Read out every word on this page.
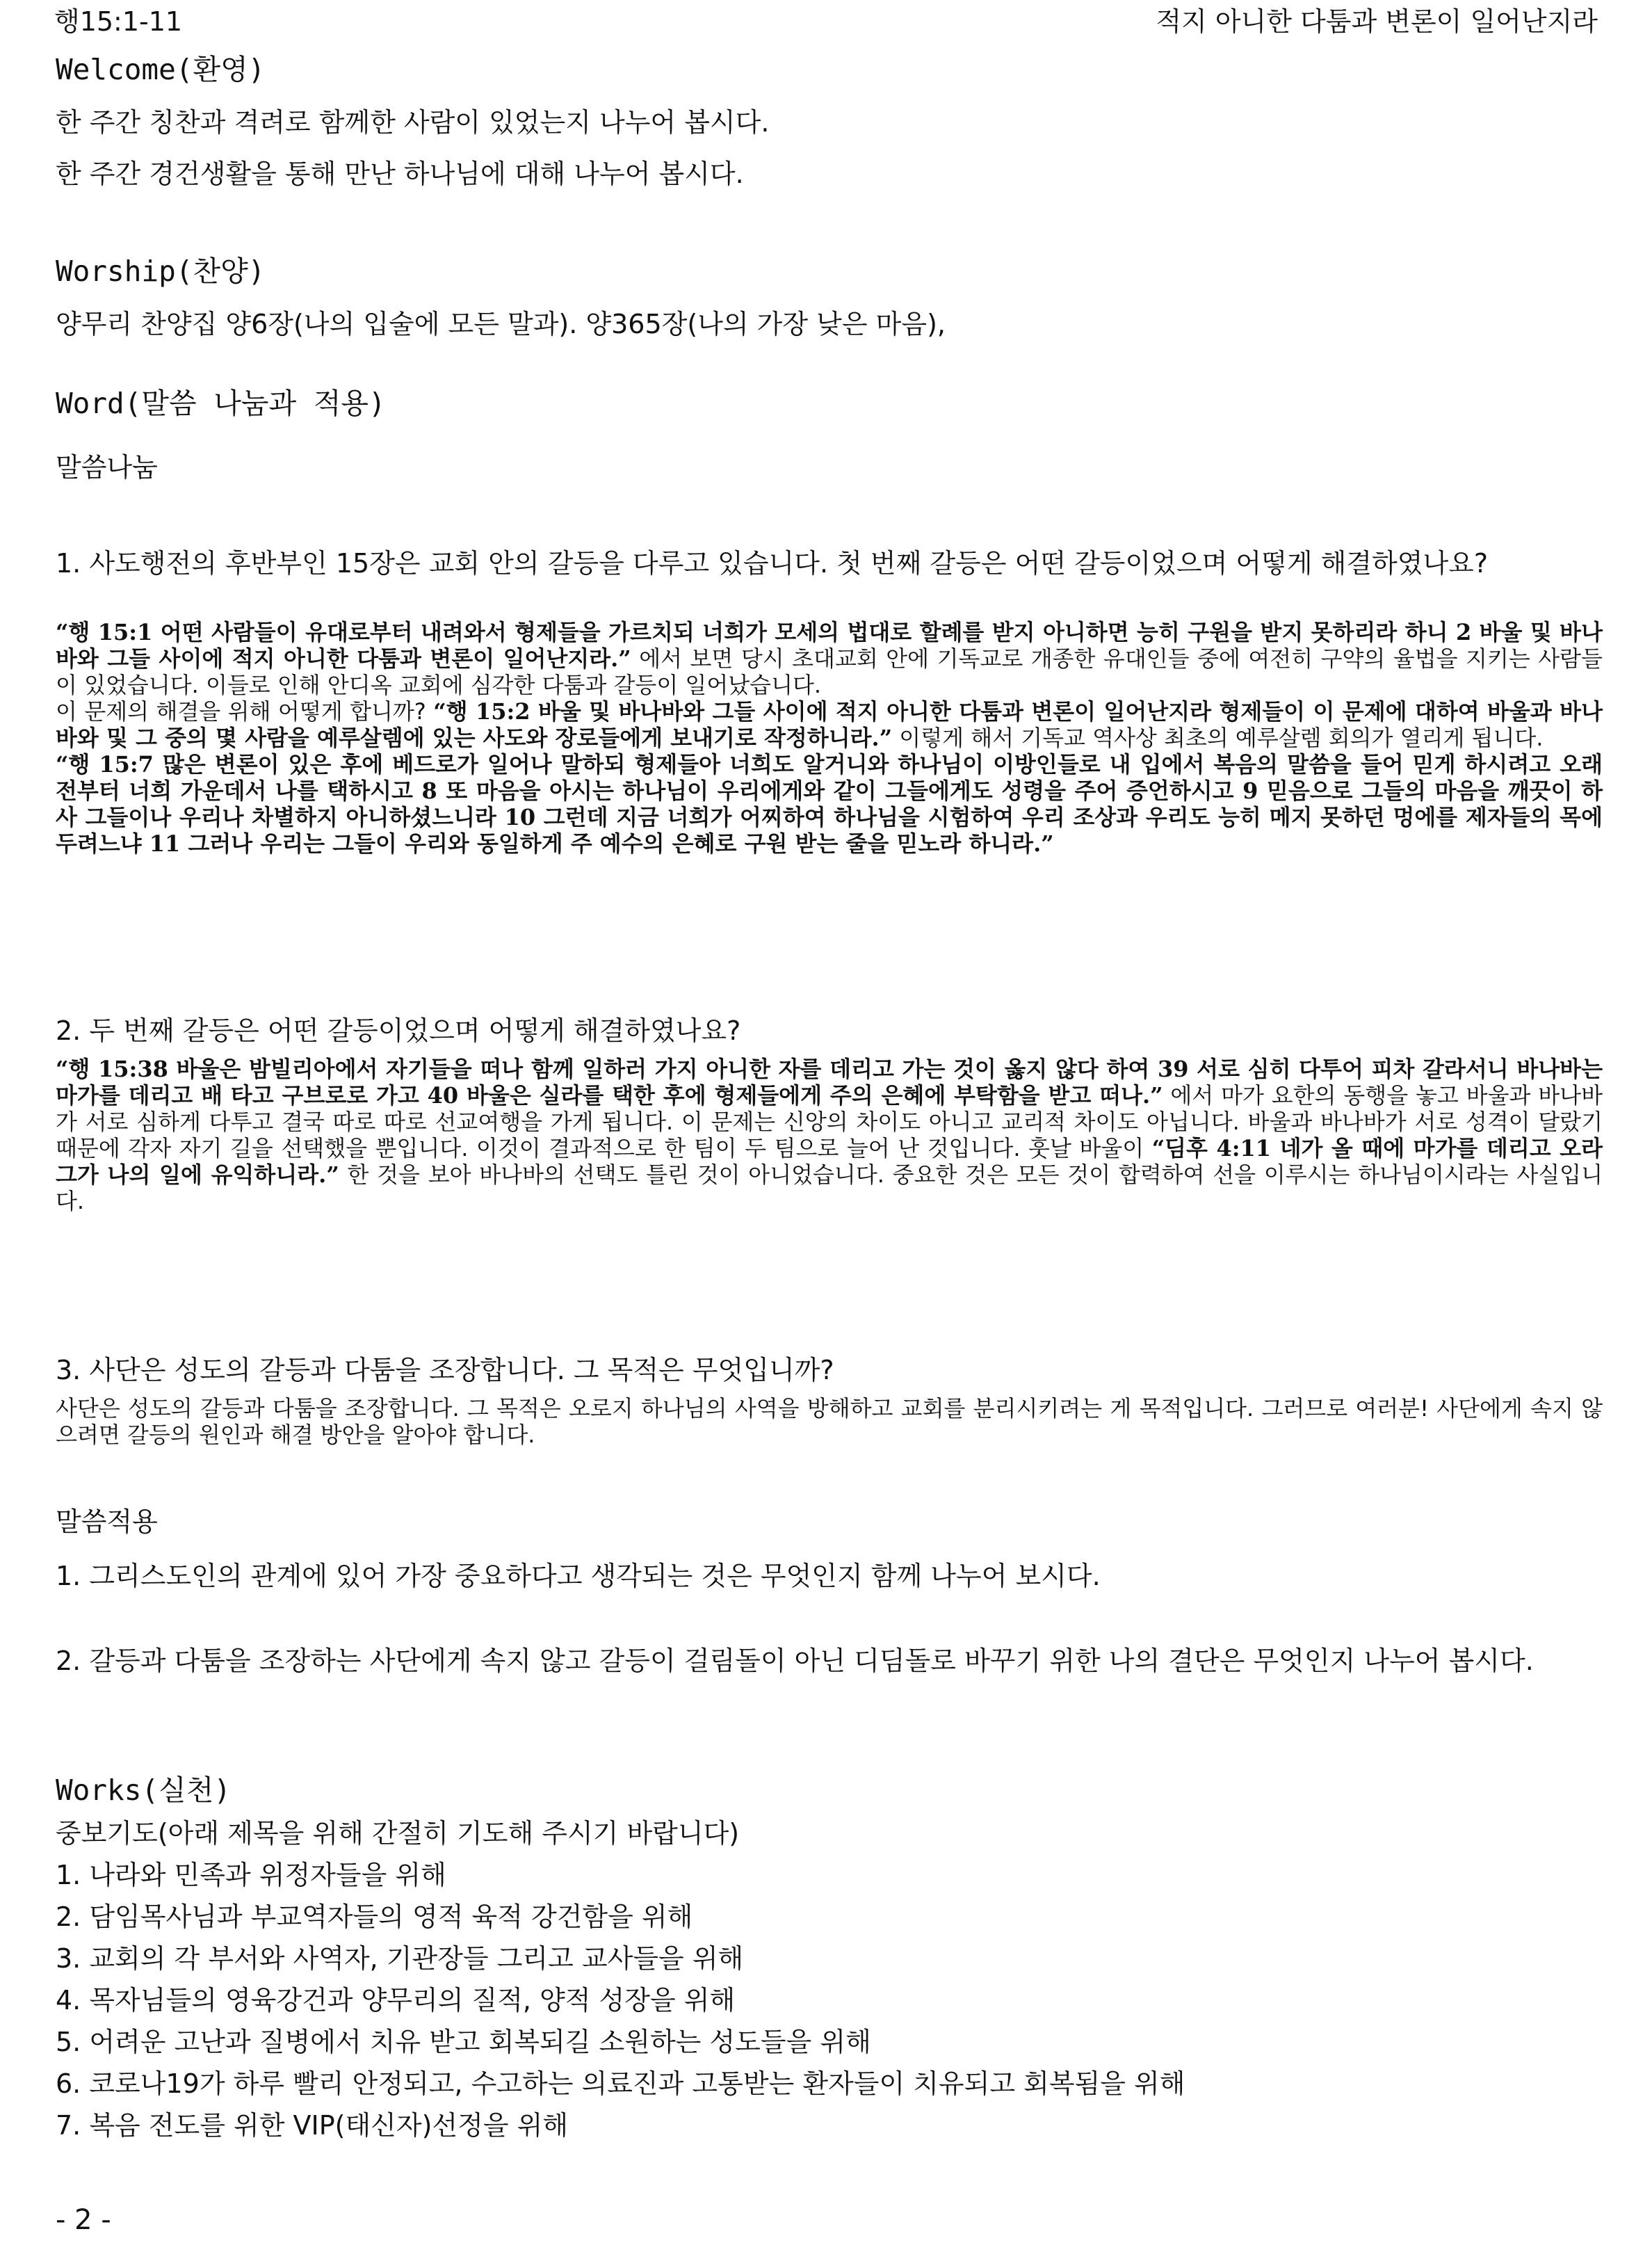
행15:1-11	적지 아니한 다툼과 변론이 일어난지라
Welcome(환영)
한 주간 칭찬과 격려로 함께한 사람이 있었는지 나누어 봅시다.
한 주간 경건생활을 통해 만난 하나님에 대해 나누어 봅시다.
Worship(찬양)
양무리 찬양집 양6장(나의 입술에 모든 말과). 양365장(나의 가장 낮은 마음),
Word(말씀 나눔과 적용)
말씀나눔
1. 사도행전의 후반부인 15장은 교회 안의 갈등을 다루고 있습니다. 첫 번째 갈등은 어떤 갈등이었으며 어떻게 해결하였나요?
“행 15:1 어떤 사람들이 유대로부터 내려와서 형제들을 가르치되 너희가 모세의 법대로 할례를 받지 아니하면 능히 구원을 받지 못하리라 하니 2 바울 및 바나바와 그들 사이에 적지 아니한 다툼과 변론이 일어난지라.” 에서 보면 당시 초대교회 안에 기독교로 개종한 유대인들 중에 여전히 구약의 율법을 지키는 사람들이 있었습니다. 이들로 인해 안디옥 교회에 심각한 다툼과 갈등이 일어났습니다.
이 문제의 해결을 위해 어떻게 합니까? “행 15:2 바울 및 바나바와 그들 사이에 적지 아니한 다툼과 변론이 일어난지라 형제들이 이 문제에 대하여 바울과 바나바와 및 그 중의 몇 사람을 예루살렘에 있는 사도와 장로들에게 보내기로 작정하니라.” 이렇게 해서 기독교 역사상 최초의 예루살렘 회의가 열리게 됩니다.
“행 15:7 많은 변론이 있은 후에 베드로가 일어나 말하되 형제들아 너희도 알거니와 하나님이 이방인들로 내 입에서 복음의 말씀을 들어 믿게 하시려고 오래 전부터 너희 가운데서 나를 택하시고 8 또 마음을 아시는 하나님이 우리에게와 같이 그들에게도 성령을 주어 증언하시고 9 믿음으로 그들의 마음을 깨끗이 하사 그들이나 우리나 차별하지 아니하셨느니라 10 그런데 지금 너희가 어찌하여 하나님을 시험하여 우리 조상과 우리도 능히 메지 못하던 멍에를 제자들의 목에 두려느냐 11 그러나 우리는 그들이 우리와 동일하게 주 예수의 은혜로 구원 받는 줄을 믿노라 하니라.”
2. 두 번째 갈등은 어떤 갈등이었으며 어떻게 해결하였나요?
“행 15:38 바울은 밤빌리아에서 자기들을 떠나 함께 일하러 가지 아니한 자를 데리고 가는 것이 옳지 않다 하여 39 서로 심히 다투어 피차 갈라서니 바나바는 마가를 데리고 배 타고 구브로로 가고 40 바울은 실라를 택한 후에 형제들에게 주의 은혜에 부탁함을 받고 떠나.” 에서 마가 요한의 동행을 놓고 바울과 바나바가 서로 심하게 다투고 결국 따로 따로 선교여행을 가게 됩니다. 이 문제는 신앙의 차이도 아니고 교리적 차이도 아닙니다. 바울과 바나바가 서로 성격이 달랐기 때문에 각자 자기 길을 선택했을 뿐입니다. 이것이 결과적으로 한 팀이 두 팀으로 늘어 난 것입니다. 훗날 바울이 “딤후 4:11 네가 올 때에 마가를 데리고 오라 그가 나의 일에 유익하니라.” 한 것을 보아 바나바의 선택도 틀린 것이 아니었습니다. 중요한 것은 모든 것이 합력하여 선을 이루시는 하나님이시라는 사실입니다.
3. 사단은 성도의 갈등과 다툼을 조장합니다. 그 목적은 무엇입니까?
사단은 성도의 갈등과 다툼을 조장합니다. 그 목적은 오로지 하나님의 사역을 방해하고 교회를 분리시키려는 게 목적입니다. 그러므로 여러분! 사단에게 속지 않으려면 갈등의 원인과 해결 방안을 알아야 합니다.
말씀적용
1. 그리스도인의 관계에 있어 가장 중요하다고 생각되는 것은 무엇인지 함께 나누어 보시다.
2. 갈등과 다툼을 조장하는 사단에게 속지 않고 갈등이 걸림돌이 아닌 디딤돌로 바꾸기 위한 나의 결단은 무엇인지 나누어 봅시다.
Works(실천)
중보기도(아래 제목을 위해 간절히 기도해 주시기 바랍니다)
1. 나라와 민족과 위정자들을 위해
2. 담임목사님과 부교역자들의 영적 육적 강건함을 위해
3. 교회의 각 부서와 사역자, 기관장들 그리고 교사들을 위해
4. 목자님들의 영육강건과 양무리의 질적, 양적 성장을 위해
5. 어려운 고난과 질병에서 치유 받고 회복되길 소원하는 성도들을 위해
6. 코로나19가 하루 빨리 안정되고, 수고하는 의료진과 고통받는 환자들이 치유되고 회복됨을 위해
7. 복음 전도를 위한 VIP(태신자)선정을 위해
- 2 -
